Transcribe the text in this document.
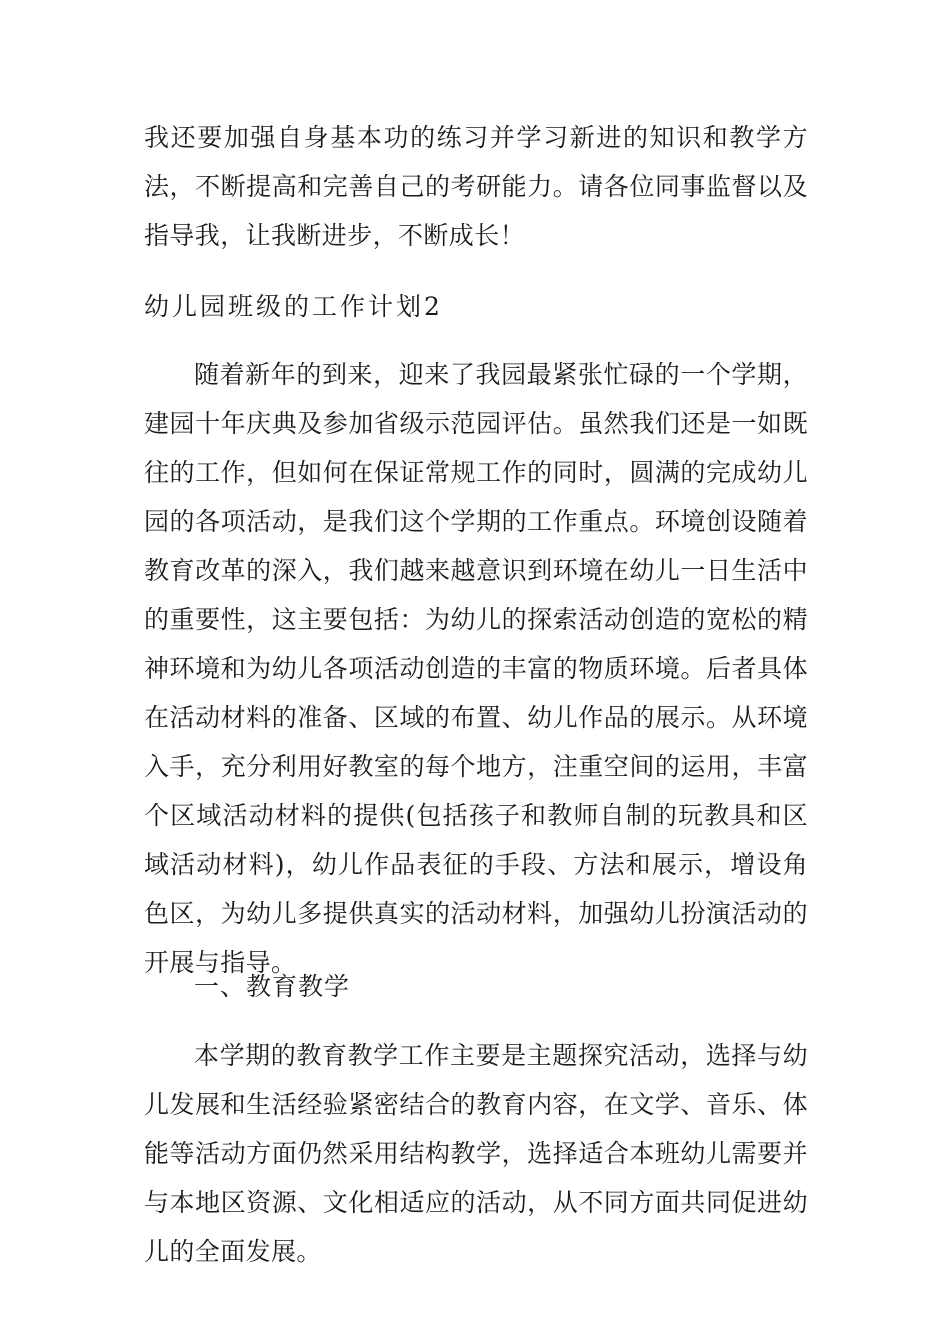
我还要加强自身基本功的练习并学习新进的知识和教学方法，不断提高和完善自己的考研能力。请各位同事监督以及指导我，让我断进步，不断成长！

幼儿园班级的工作计划2

随着新年的到来，迎来了我园最紧张忙碌的一个学期，建园十年庆典及参加省级示范园评估。虽然我们还是一如既往的工作，但如何在保证常规工作的同时，圆满的完成幼儿园的各项活动，是我们这个学期的工作重点。环境创设随着教育改革的深入，我们越来越意识到环境在幼儿一日生活中的重要性，这主要包括：为幼儿的探索活动创造的宽松的精神环境和为幼儿各项活动创造的丰富的物质环境。后者具体在活动材料的准备、区域的布置、幼儿作品的展示。从环境入手，充分利用好教室的每个地方，注重空间的运用，丰富个区域活动材料的提供(包括孩子和教师自制的玩教具和区域活动材料)，幼儿作品表征的手段、方法和展示，增设角色区，为幼儿多提供真实的活动材料，加强幼儿扮演活动的开展与指导。

一、教育教学

本学期的教育教学工作主要是主题探究活动，选择与幼儿发展和生活经验紧密结合的教育内容，在文学、音乐、体能等活动方面仍然采用结构教学，选择适合本班幼儿需要并与本地区资源、文化相适应的活动，从不同方面共同促进幼儿的全面发展。
